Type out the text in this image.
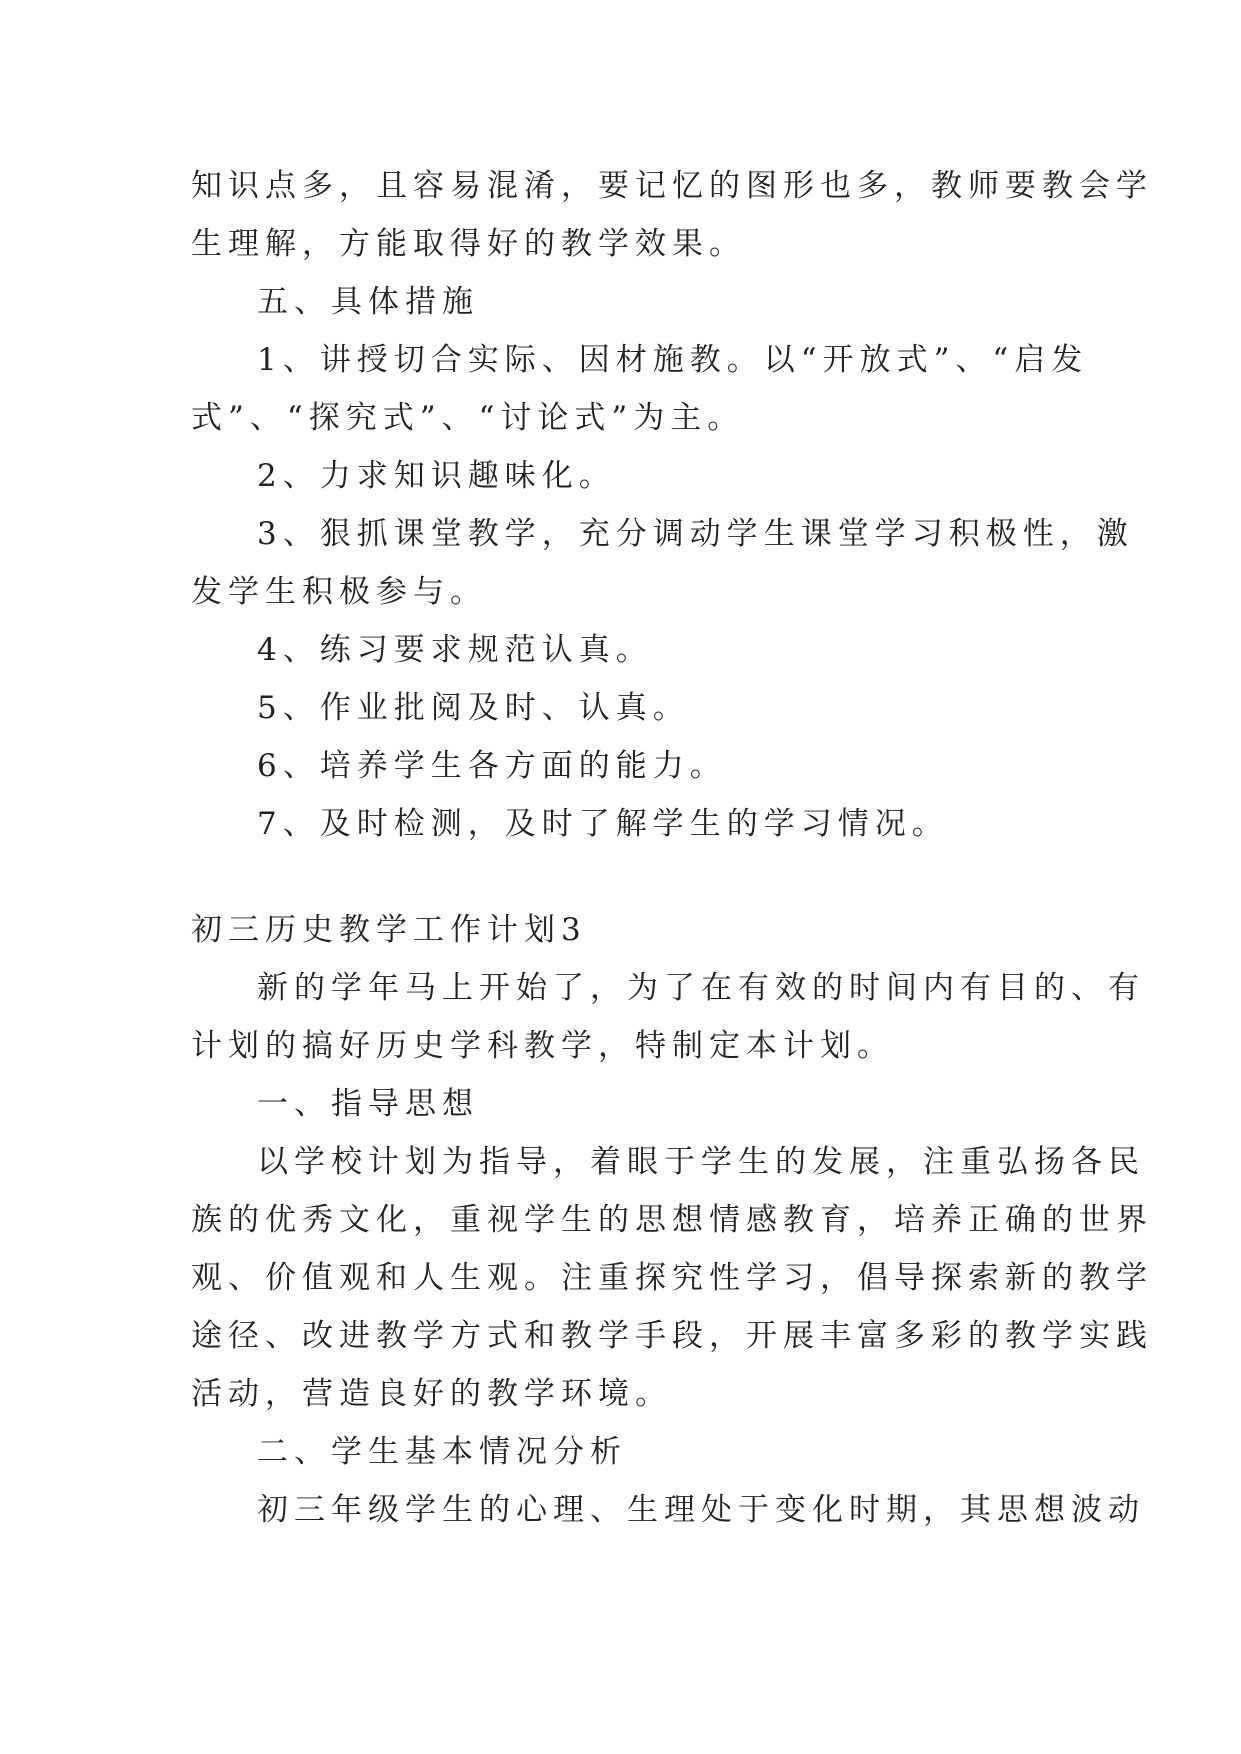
知识点多，且容易混淆，要记忆的图形也多，教师要教会学
生理解，方能取得好的教学效果。
五、具体措施
1、讲授切合实际、因材施教。以“开放式”、“启发
式”、“探究式”、“讨论式”为主。
2、力求知识趣味化。
3、狠抓课堂教学，充分调动学生课堂学习积极性，激
发学生积极参与。
4、练习要求规范认真。
5、作业批阅及时、认真。
6、培养学生各方面的能力。
7、及时检测，及时了解学生的学习情况。
初三历史教学工作计划3
新的学年马上开始了，为了在有效的时间内有目的、有
计划的搞好历史学科教学，特制定本计划。
一、指导思想
以学校计划为指导，着眼于学生的发展，注重弘扬各民
族的优秀文化，重视学生的思想情感教育，培养正确的世界
观、价值观和人生观。注重探究性学习，倡导探索新的教学
途径、改进教学方式和教学手段，开展丰富多彩的教学实践
活动，营造良好的教学环境。
二、学生基本情况分析
初三年级学生的心理、生理处于变化时期，其思想波动
